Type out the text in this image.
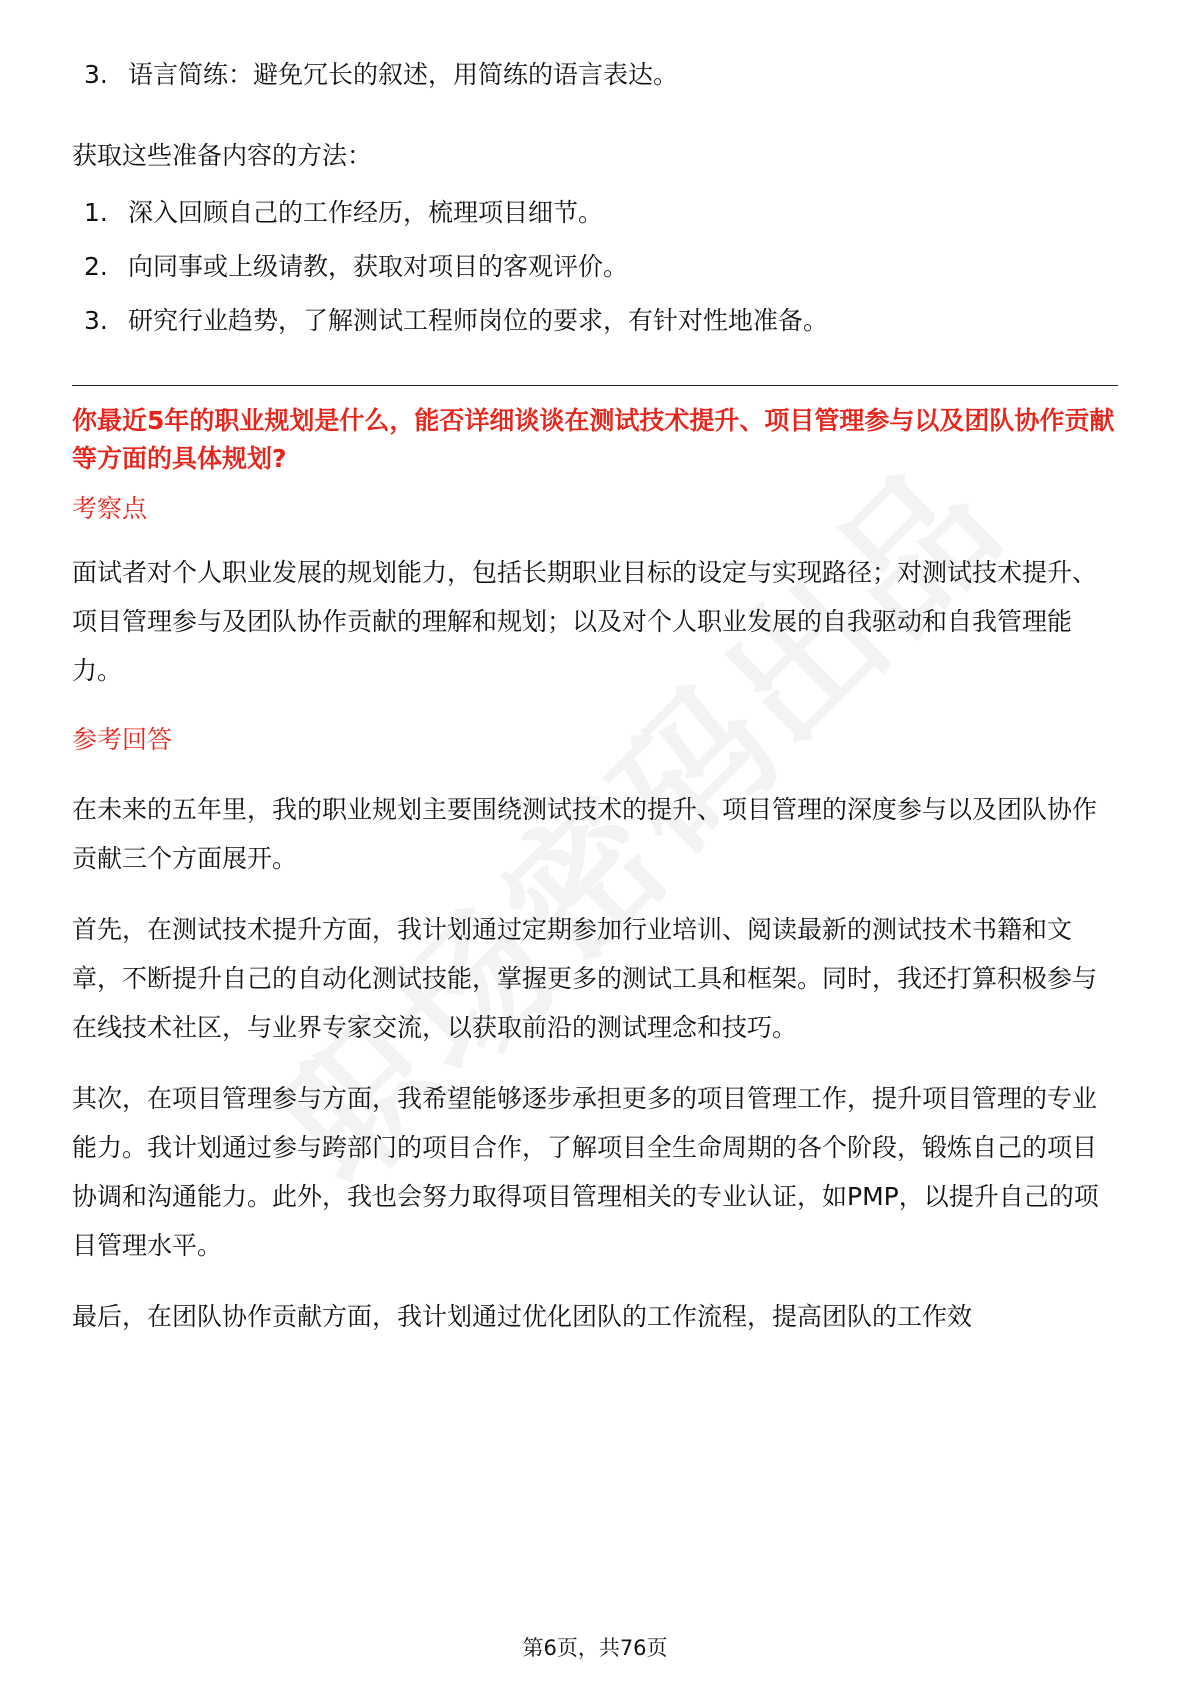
3. 语言简练：避免冗长的叙述，用简练的语言表达。

获取这些准备内容的方法：

1. 深入回顾自己的工作经历，梳理项目细节。
2. 向同事或上级请教，获取对项目的客观评价。
3. 研究行业趋势，了解测试工程师岗位的要求，有针对性地准备。

你最近5年的职业规划是什么，能否详细谈谈在测试技术提升、项目管理参与以及团队协作贡献等方面的具体规划?

考察点

面试者对个人职业发展的规划能力，包括长期职业目标的设定与实现路径；对测试技术提升、项目管理参与及团队协作贡献的理解和规划；以及对个人职业发展的自我驱动和自我管理能力。

参考回答

在未来的五年里，我的职业规划主要围绕测试技术的提升、项目管理的深度参与以及团队协作贡献三个方面展开。

首先，在测试技术提升方面，我计划通过定期参加行业培训、阅读最新的测试技术书籍和文章，不断提升自己的自动化测试技能，掌握更多的测试工具和框架。同时，我还打算积极参与在线技术社区，与业界专家交流，以获取前沿的测试理念和技巧。

其次，在项目管理参与方面，我希望能够逐步承担更多的项目管理工作，提升项目管理的专业能力。我计划通过参与跨部门的项目合作，了解项目全生命周期的各个阶段，锻炼自己的项目协调和沟通能力。此外，我也会努力取得项目管理相关的专业认证，如PMP，以提升自己的项目管理水平。

最后，在团队协作贡献方面，我计划通过优化团队的工作流程，提高团队的工作效

第6页，共76页
